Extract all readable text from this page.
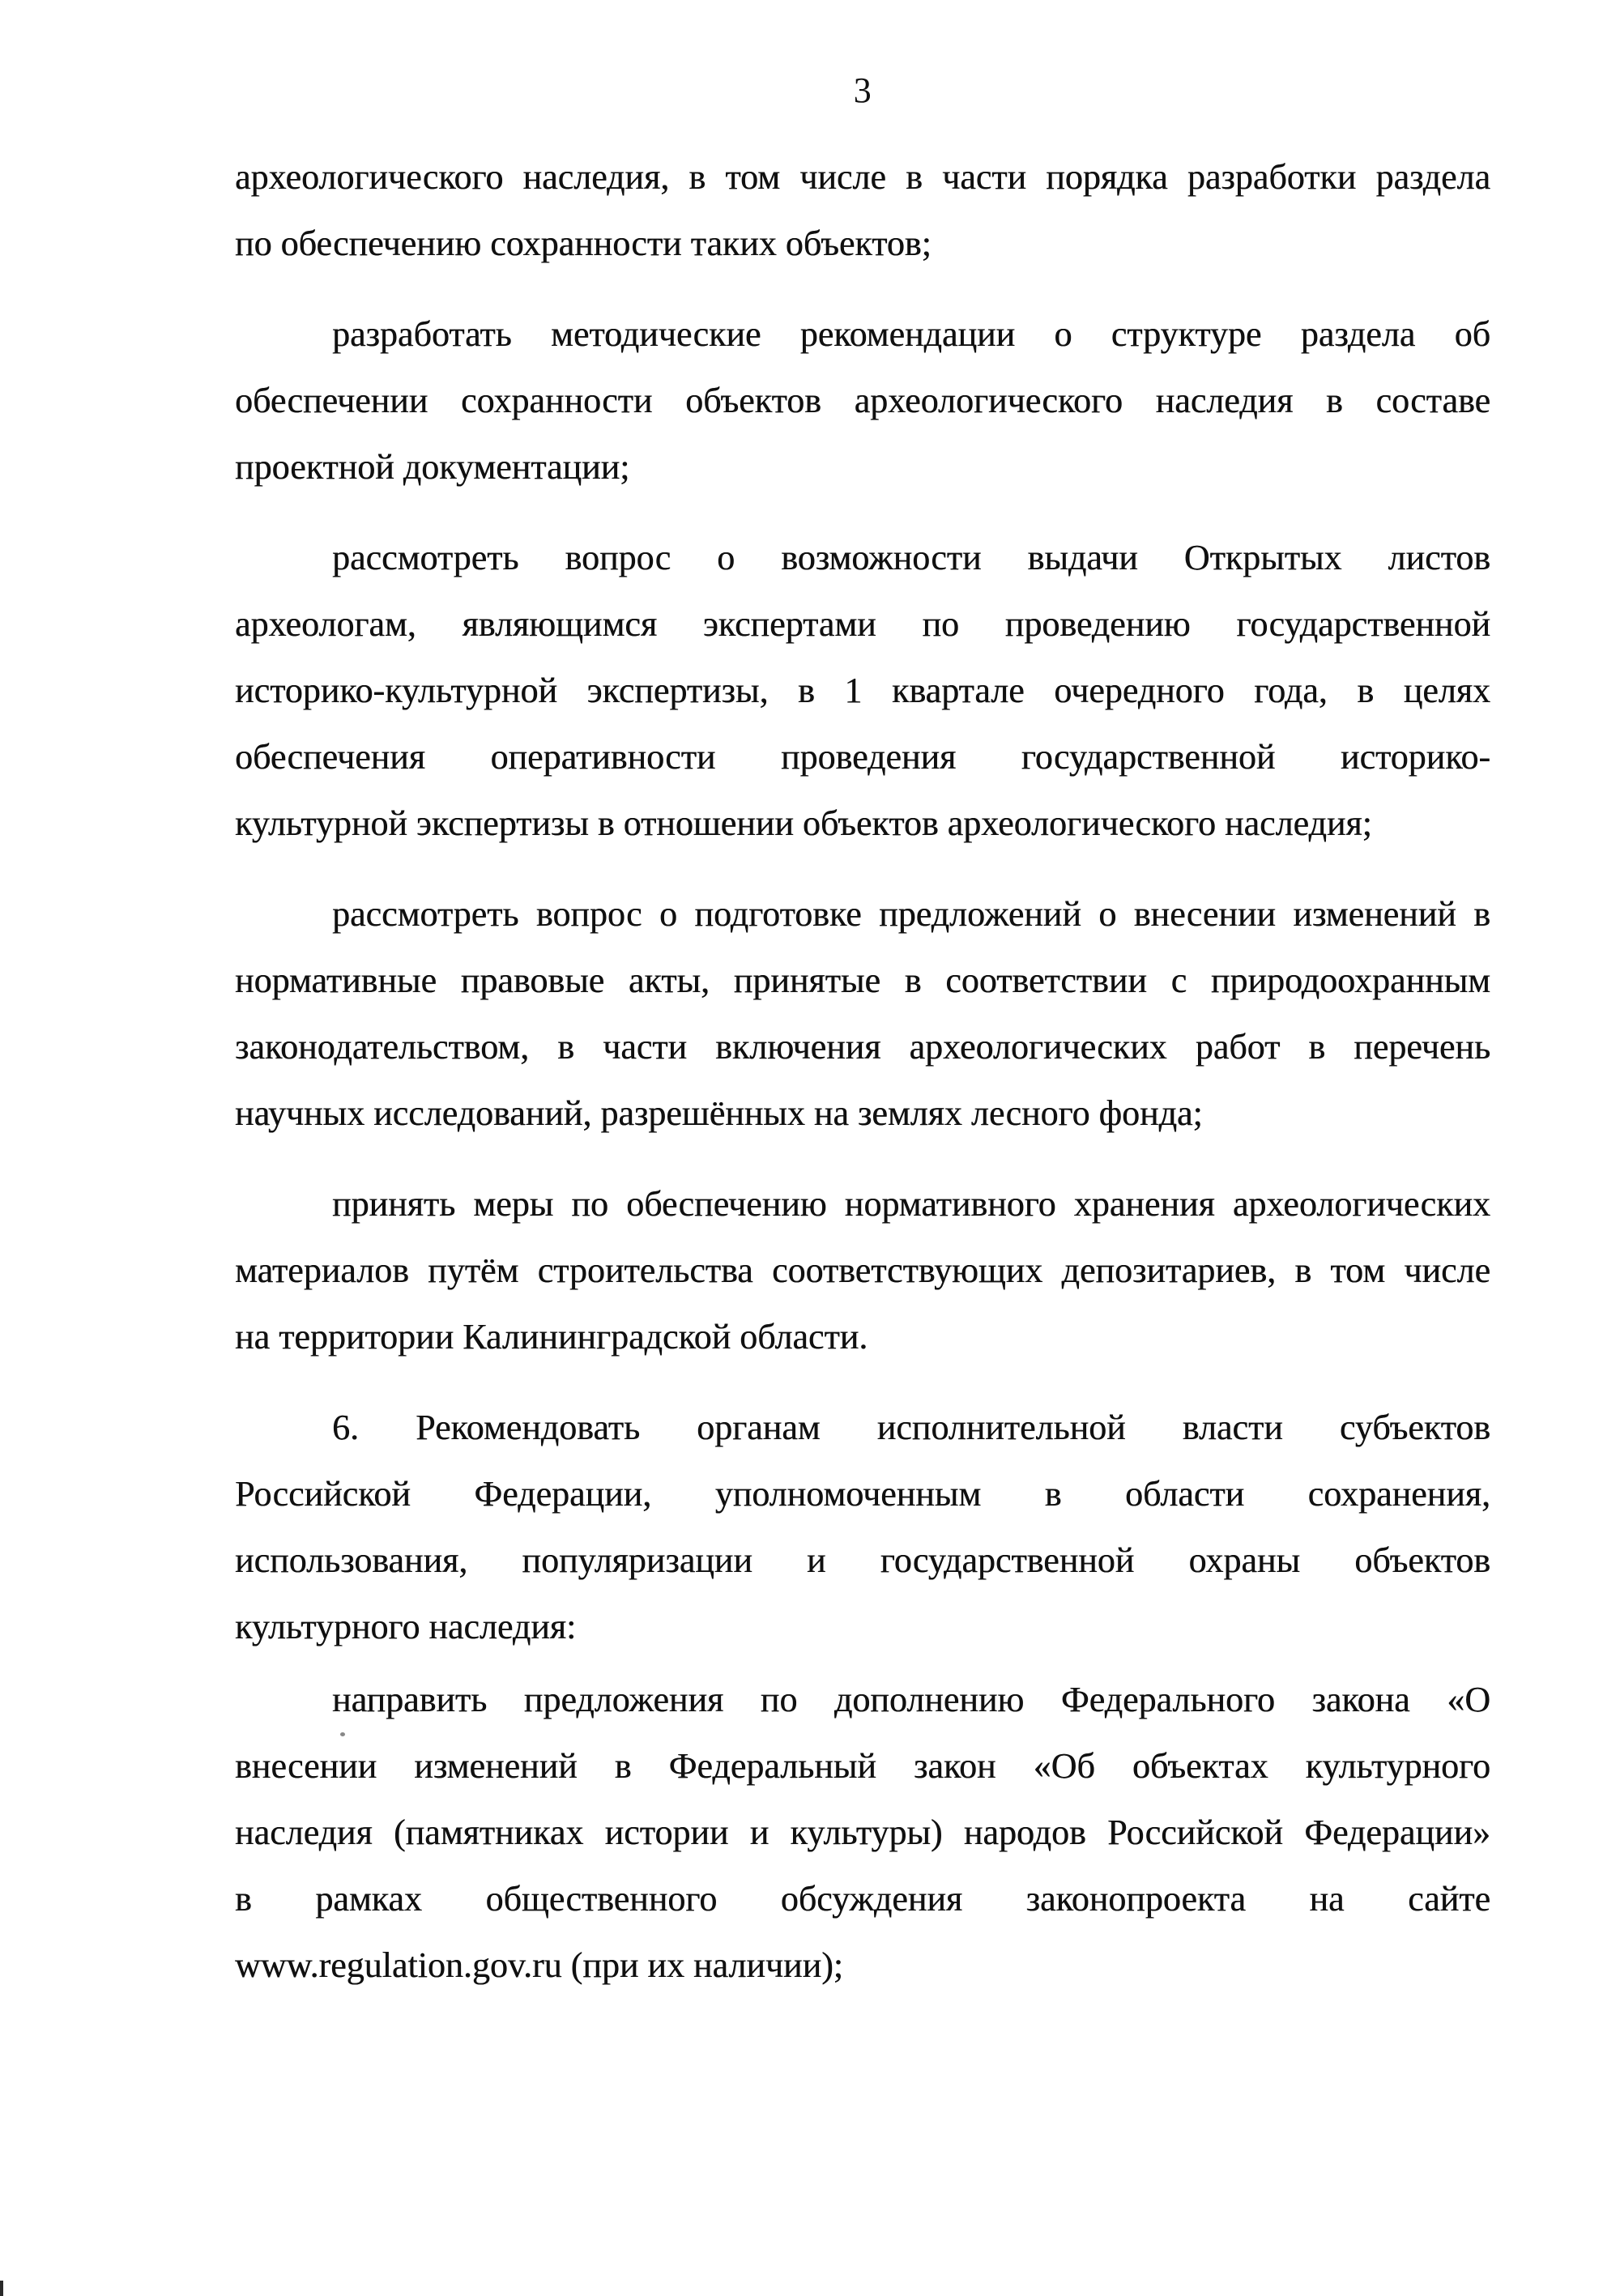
3

археологического наследия, в том числе в части порядка разработки раздела
по обеспечению сохранности таких объектов;

разработать методические рекомендации о структуре раздела об
обеспечении сохранности объектов археологического наследия в составе
проектной документации;

рассмотреть вопрос о возможности выдачи Открытых листов
археологам, являющимся экспертами по проведению государственной
историко-культурной экспертизы, в 1 квартале очередного года, в целях
обеспечения оперативности проведения государственной историко-
культурной экспертизы в отношении объектов археологического наследия;

рассмотреть вопрос о подготовке предложений о внесении изменений в
нормативные правовые акты, принятые в соответствии с природоохранным
законодательством, в части включения археологических работ в перечень
научных исследований, разрешённых на землях лесного фонда;

принять меры по обеспечению нормативного хранения археологических
материалов путём строительства соответствующих депозитариев, в том числе
на территории Калининградской области.

6. Рекомендовать органам исполнительной власти субъектов
Российской Федерации, уполномоченным в области сохранения,
использования, популяризации и государственной охраны объектов
культурного наследия:

направить предложения по дополнению Федерального закона «О
внесении изменений в Федеральный закон «Об объектах культурного
наследия (памятниках истории и культуры) народов Российской Федерации»
в рамках общественного обсуждения законопроекта на сайте
www.regulation.gov.ru (при их наличии);
